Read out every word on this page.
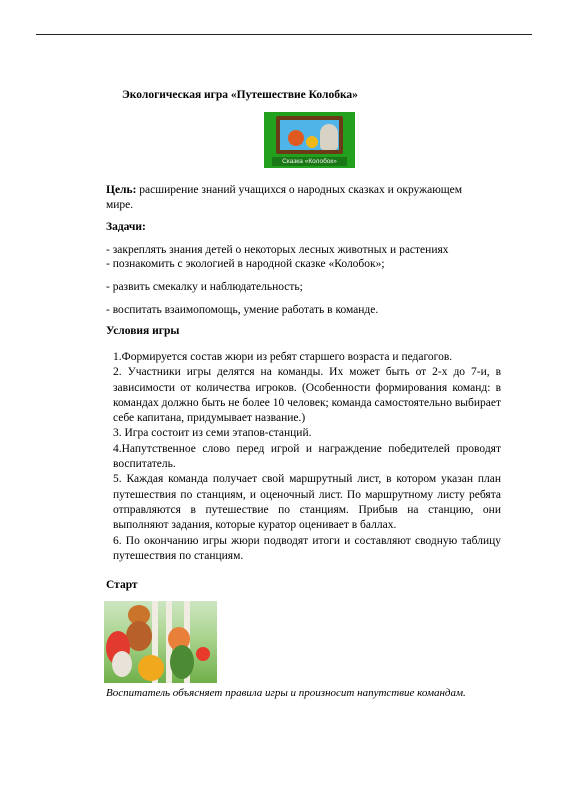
Экологическая игра «Путешествие Колобка»
Сказка «Колобок»
Цель: расширение знаний учащихся о народных сказках и окружающем мире.
Задачи:
- закреплять знания детей о некоторых лесных животных и растениях
- познакомить с экологией в народной сказке «Колобок»;
- развить смекалку и наблюдательность;
- воспитать взаимопомощь, умение работать в команде.
Условия игры
1.Формируется состав жюри из ребят старшего возраста и педагогов.
2. Участники игры делятся на команды. Их может быть от 2-х до 7-и, в зависимости от количества игроков. (Особенности формирования команд: в командах должно быть не более 10 человек; команда самостоятельно выбирает себе капитана, придумывает название.)
3. Игра состоит из семи этапов-станций.
4.Напутственное слово перед игрой и награждение победителей проводят воспитатель.
5. Каждая команда получает свой маршрутный лист, в котором указан план путешествия по станциям, и оценочный лист. По маршрутному листу ребята отправляются в путешествие по станциям. Прибыв на станцию, они выполняют задания, которые куратор оценивает в баллах.
6. По окончанию игры жюри подводят итоги и составляют сводную таблицу путешествия по станциям.
Старт
Воспитатель объясняет правила игры и произносит напутствие командам.
